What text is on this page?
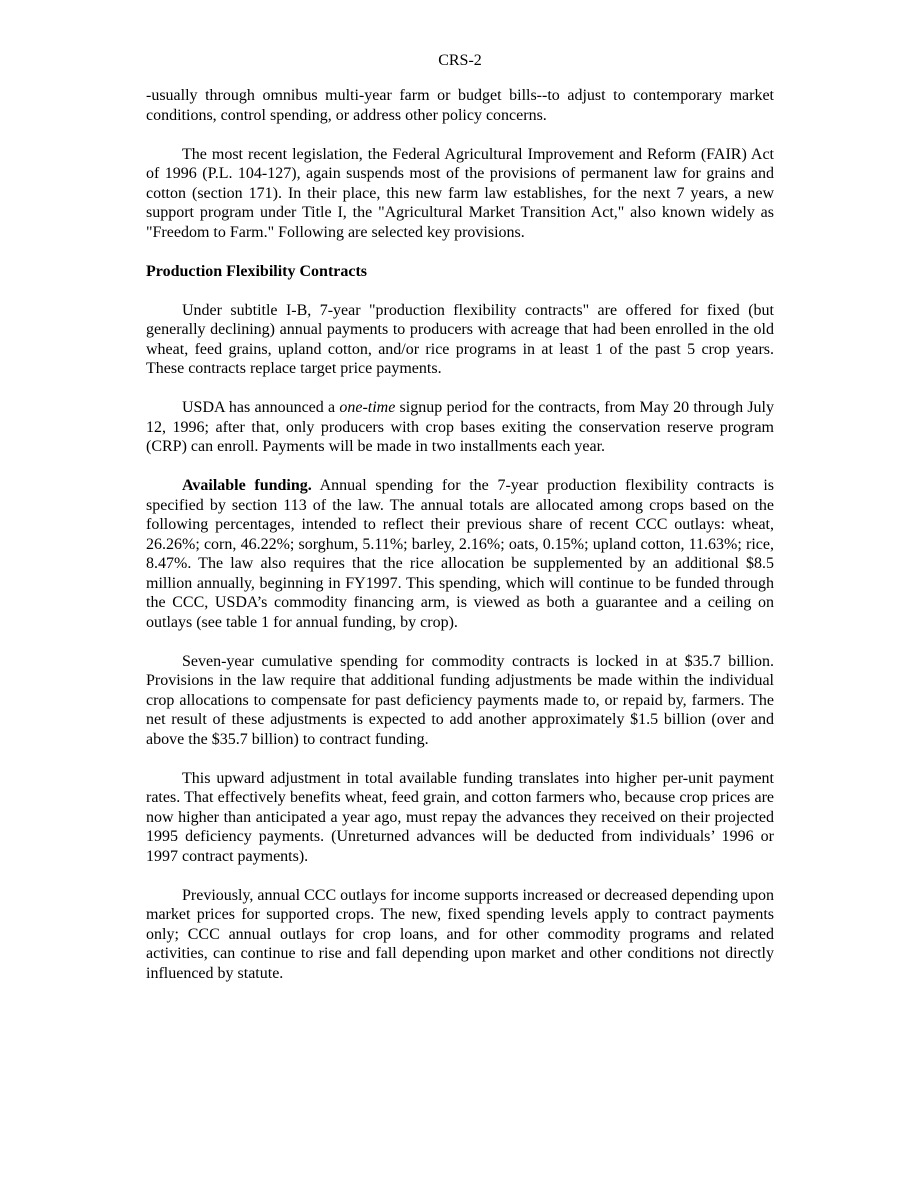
CRS-2

-usually through omnibus multi-year farm or budget bills--to adjust to contemporary market conditions, control spending, or address other policy concerns.

The most recent legislation, the Federal Agricultural Improvement and Reform (FAIR) Act of 1996 (P.L. 104-127), again suspends most of the provisions of permanent law for grains and cotton (section 171). In their place, this new farm law establishes, for the next 7 years, a new support program under Title I, the "Agricultural Market Transition Act," also known widely as "Freedom to Farm." Following are selected key provisions.

Production Flexibility Contracts

Under subtitle I-B, 7-year "production flexibility contracts" are offered for fixed (but generally declining) annual payments to producers with acreage that had been enrolled in the old wheat, feed grains, upland cotton, and/or rice programs in at least 1 of the past 5 crop years. These contracts replace target price payments.

USDA has announced a one-time signup period for the contracts, from May 20 through July 12, 1996; after that, only producers with crop bases exiting the conservation reserve program (CRP) can enroll. Payments will be made in two installments each year.

Available funding. Annual spending for the 7-year production flexibility contracts is specified by section 113 of the law. The annual totals are allocated among crops based on the following percentages, intended to reflect their previous share of recent CCC outlays: wheat, 26.26%; corn, 46.22%; sorghum, 5.11%; barley, 2.16%; oats, 0.15%; upland cotton, 11.63%; rice, 8.47%. The law also requires that the rice allocation be supplemented by an additional $8.5 million annually, beginning in FY1997. This spending, which will continue to be funded through the CCC, USDA’s commodity financing arm, is viewed as both a guarantee and a ceiling on outlays (see table 1 for annual funding, by crop).

Seven-year cumulative spending for commodity contracts is locked in at $35.7 billion. Provisions in the law require that additional funding adjustments be made within the individual crop allocations to compensate for past deficiency payments made to, or repaid by, farmers. The net result of these adjustments is expected to add another approximately $1.5 billion (over and above the $35.7 billion) to contract funding.

This upward adjustment in total available funding translates into higher per-unit payment rates. That effectively benefits wheat, feed grain, and cotton farmers who, because crop prices are now higher than anticipated a year ago, must repay the advances they received on their projected 1995 deficiency payments. (Unreturned advances will be deducted from individuals’ 1996 or 1997 contract payments).

Previously, annual CCC outlays for income supports increased or decreased depending upon market prices for supported crops. The new, fixed spending levels apply to contract payments only; CCC annual outlays for crop loans, and for other commodity programs and related activities, can continue to rise and fall depending upon market and other conditions not directly influenced by statute.
